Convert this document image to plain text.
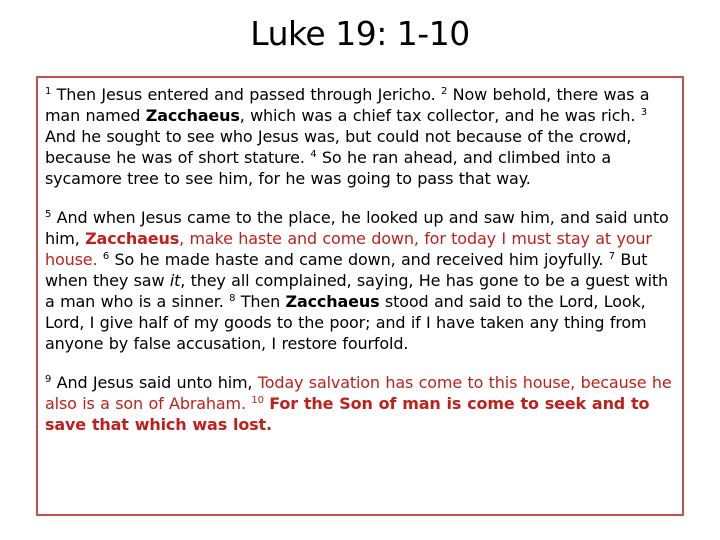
Luke 19: 1-10

$^1$ Then Jesus entered and passed through Jericho. $^2$ Now behold, there was a man named Zacchaeus, which was a chief tax collector, and he was rich. $^3$ And he sought to see who Jesus was, but could not because of the crowd, because he was of short stature. $^4$ So he ran ahead, and climbed into a sycamore tree to see him, for he was going to pass that way.

$^5$ And when Jesus came to the place, he looked up and saw him, and said unto him, Zacchaeus, make haste and come down, for today I must stay at your house. $^6$ So he made haste and came down, and received him joyfully. $^7$ But when they saw it, they all complained, saying, He has gone to be a guest with a man who is a sinner. $^8$ Then Zacchaeus stood and said to the Lord, Look, Lord, I give half of my goods to the poor; and if I have taken any thing from anyone by false accusation, I restore fourfold.

$^9$ And Jesus said unto him, Today salvation has come to this house, because he also is a son of Abraham. $^{10}$ For the Son of man is come to seek and to save that which was lost.
